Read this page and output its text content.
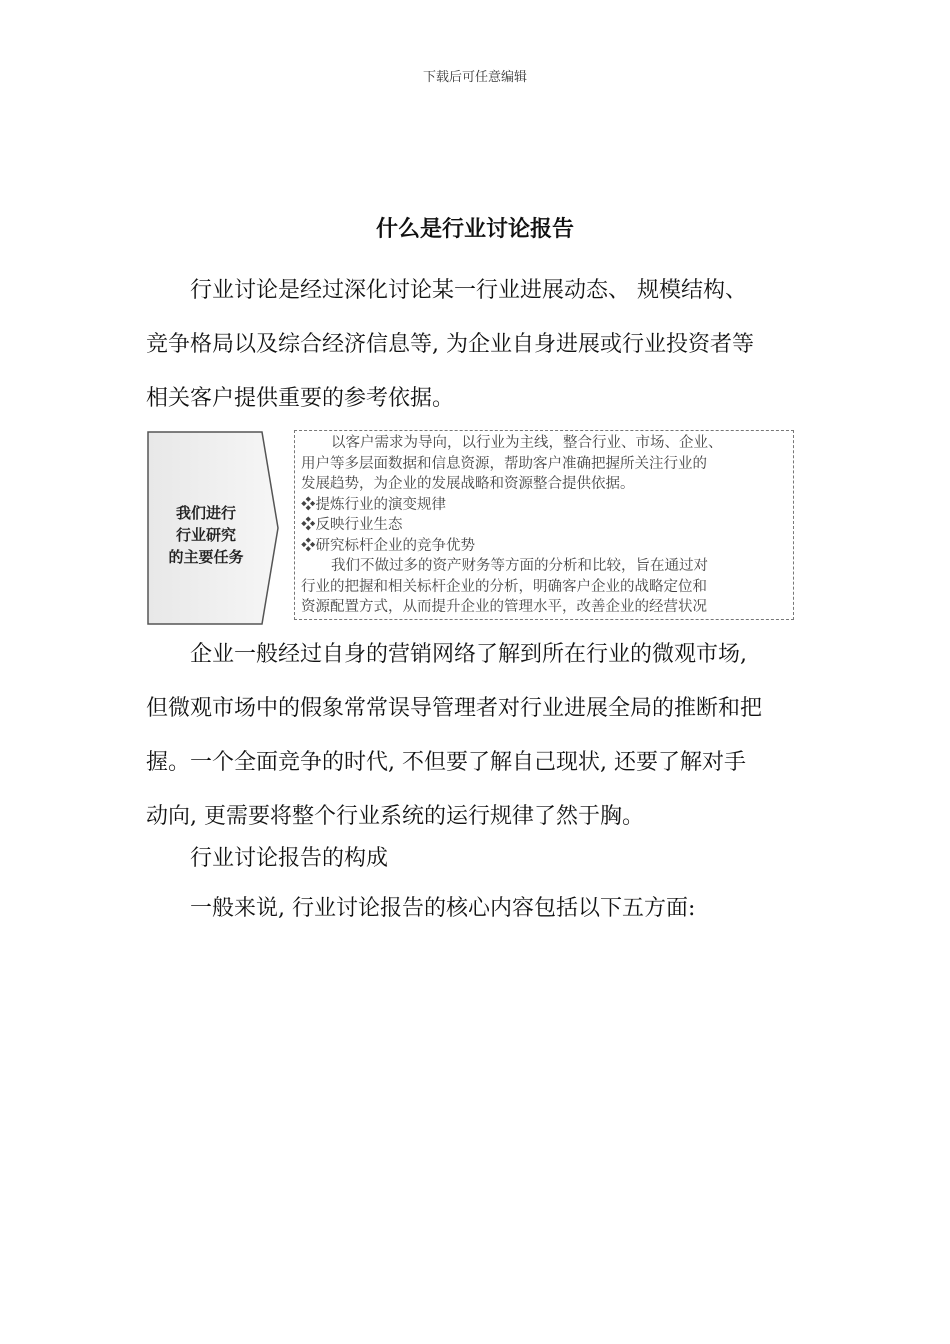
下载后可任意编辑
什么是行业讨论报告
行业讨论是经过深化讨论某一行业进展动态、 规模结构、
竞争格局以及综合经济信息等, 为企业自身进展或行业投资者等
相关客户提供重要的参考依据。
我们进行
行业研究
的主要任务
以客户需求为导向，以行业为主线，整合行业、市场、企业、
用户等多层面数据和信息资源，帮助客户准确把握所关注行业的
发展趋势，为企业的发展战略和资源整合提供依据。
❖提炼行业的演变规律
❖反映行业生态
❖研究标杆企业的竞争优势
我们不做过多的资产财务等方面的分析和比较，旨在通过对
行业的把握和相关标杆企业的分析，明确客户企业的战略定位和
资源配置方式，从而提升企业的管理水平，改善企业的经营状况
企业一般经过自身的营销网络了解到所在行业的微观市场,
但微观市场中的假象常常误导管理者对行业进展全局的推断和把
握。一个全面竞争的时代, 不但要了解自己现状, 还要了解对手
动向, 更需要将整个行业系统的运行规律了然于胸。
行业讨论报告的构成
一般来说, 行业讨论报告的核心内容包括以下五方面:
